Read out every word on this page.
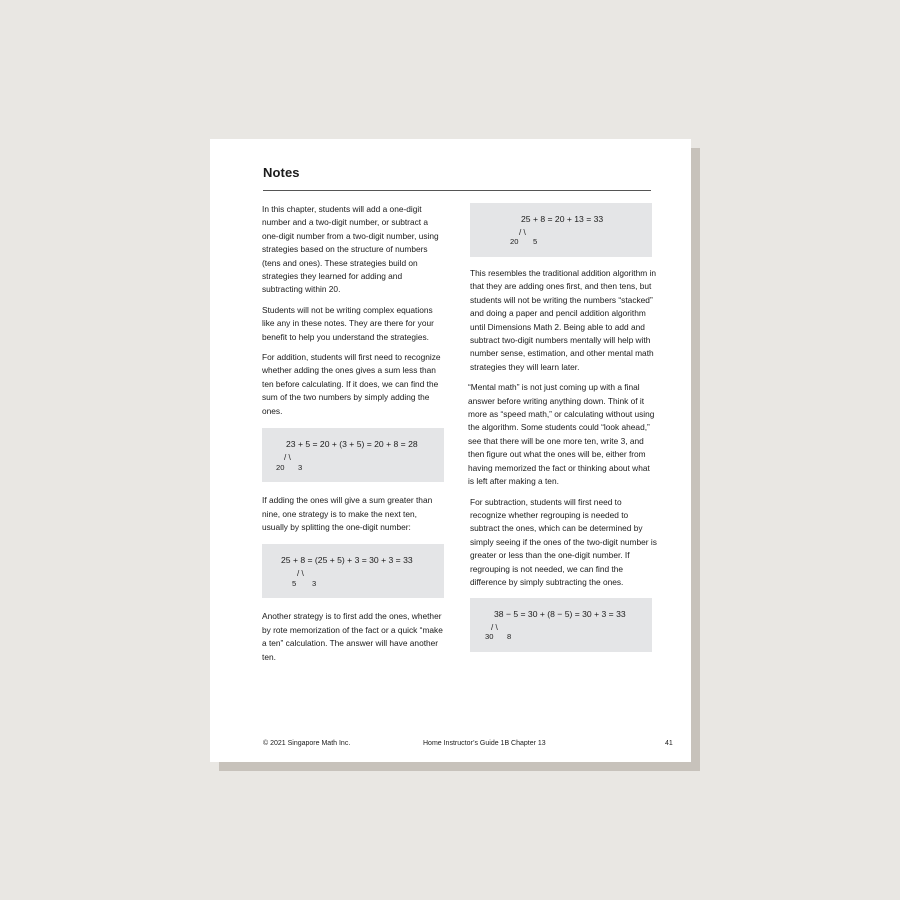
Notes

In this chapter, students will add a one-digit number and a two-digit number, or subtract a one-digit number from a two-digit number, using strategies based on the structure of numbers (tens and ones). These strategies build on strategies they learned for adding and subtracting within 20.

Students will not be writing complex equations like any in these notes. They are there for your benefit to help you understand the strategies.

For addition, students will first need to recognize whether adding the ones gives a sum less than ten before calculating. If it does, we can find the sum of the two numbers by simply adding the ones.

23 + 5 = 20 + (3 + 5) = 20 + 8 = 28
/ \
20 3

If adding the ones will give a sum greater than nine, one strategy is to make the next ten, usually by splitting the one-digit number:

25 + 8 = (25 + 5) + 3 = 30 + 3 = 33
/ \
5 3

Another strategy is to first add the ones, whether by rote memorization of the fact or a quick “make a ten” calculation. The answer will have another ten.

25 + 8 = 20 + 13 = 33
/ \
20 5

This resembles the traditional addition algorithm in that they are adding ones first, and then tens, but students will not be writing the numbers “stacked” and doing a paper and pencil addition algorithm until Dimensions Math 2. Being able to add and subtract two-digit numbers mentally will help with number sense, estimation, and other mental math strategies they will learn later.

“Mental math” is not just coming up with a final answer before writing anything down. Think of it more as “speed math,” or calculating without using the algorithm. Some students could “look ahead,” see that there will be one more ten, write 3, and then figure out what the ones will be, either from having memorized the fact or thinking about what is left after making a ten.

For subtraction, students will first need to recognize whether regrouping is needed to subtract the ones, which can be determined by simply seeing if the ones of the two-digit number is greater or less than the one-digit number. If regrouping is not needed, we can find the difference by simply subtracting the ones.

38 − 5 = 30 + (8 − 5) = 30 + 3 = 33
/ \
30 8
© 2021 Singapore Math Inc.	Home Instructor’s Guide 1B Chapter 13	41
